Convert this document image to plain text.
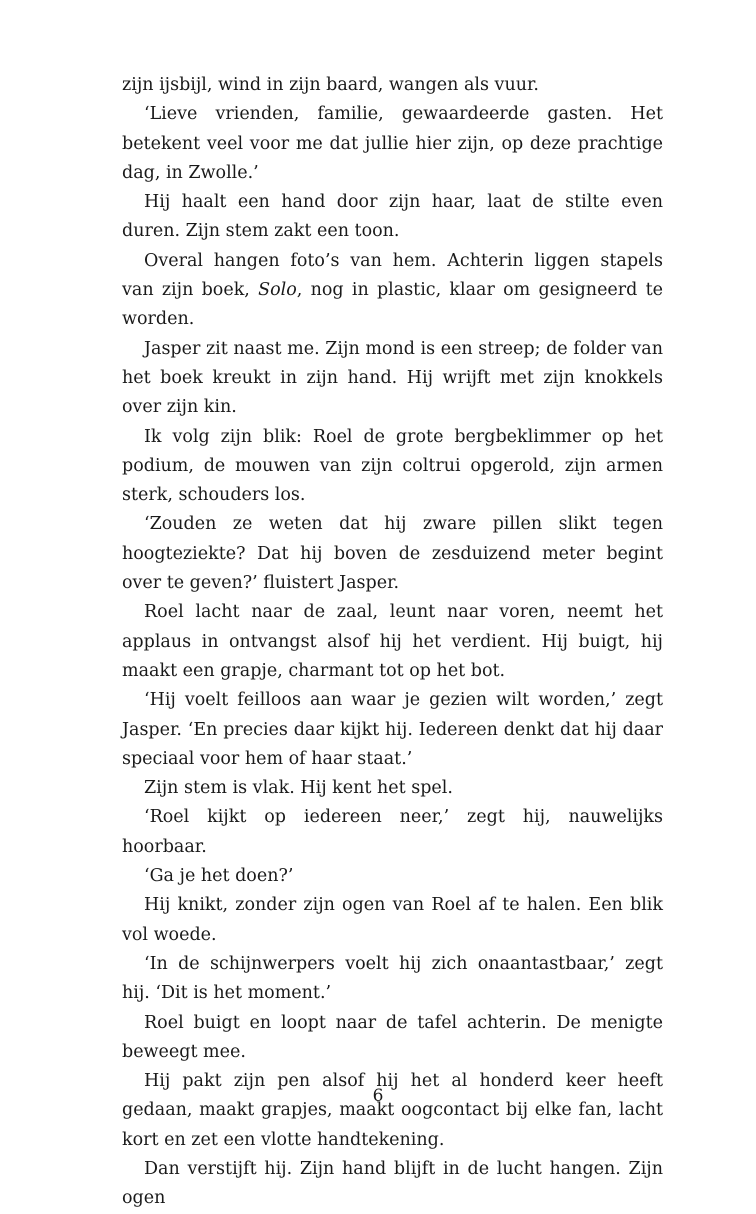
zijn ijsbijl, wind in zijn baard, wangen als vuur.

‘Lieve vrienden, familie, gewaardeerde gasten. Het betekent veel voor me dat jullie hier zijn, op deze prachtige dag, in Zwolle.’

Hij haalt een hand door zijn haar, laat de stilte even duren. Zijn stem zakt een toon.

Overal hangen foto’s van hem. Achterin liggen stapels van zijn boek, Solo, nog in plastic, klaar om gesigneerd te worden.

Jasper zit naast me. Zijn mond is een streep; de folder van het boek kreukt in zijn hand. Hij wrijft met zijn knokkels over zijn kin.

Ik volg zijn blik: Roel de grote bergbeklimmer op het podium, de mouwen van zijn coltrui opgerold, zijn armen sterk, schouders los.

‘Zouden ze weten dat hij zware pillen slikt tegen hoogteziekte? Dat hij boven de zesduizend meter begint over te geven?’ fluistert Jasper.

Roel lacht naar de zaal, leunt naar voren, neemt het applaus in ontvangst alsof hij het verdient. Hij buigt, hij maakt een grapje, charmant tot op het bot.

‘Hij voelt feilloos aan waar je gezien wilt worden,’ zegt Jasper. ‘En precies daar kijkt hij. Iedereen denkt dat hij daar speciaal voor hem of haar staat.’

Zijn stem is vlak. Hij kent het spel.

‘Roel kijkt op iedereen neer,’ zegt hij, nauwelijks hoorbaar.

‘Ga je het doen?’

Hij knikt, zonder zijn ogen van Roel af te halen. Een blik vol woede.

‘In de schijnwerpers voelt hij zich onaantastbaar,’ zegt hij. ‘Dit is het moment.’

Roel buigt en loopt naar de tafel achterin. De menigte beweegt mee.

Hij pakt zijn pen alsof hij het al honderd keer heeft gedaan, maakt grapjes, maakt oogcontact bij elke fan, lacht kort en zet een vlotte handtekening.

Dan verstijft hij. Zijn hand blijft in de lucht hangen. Zijn ogen

6
